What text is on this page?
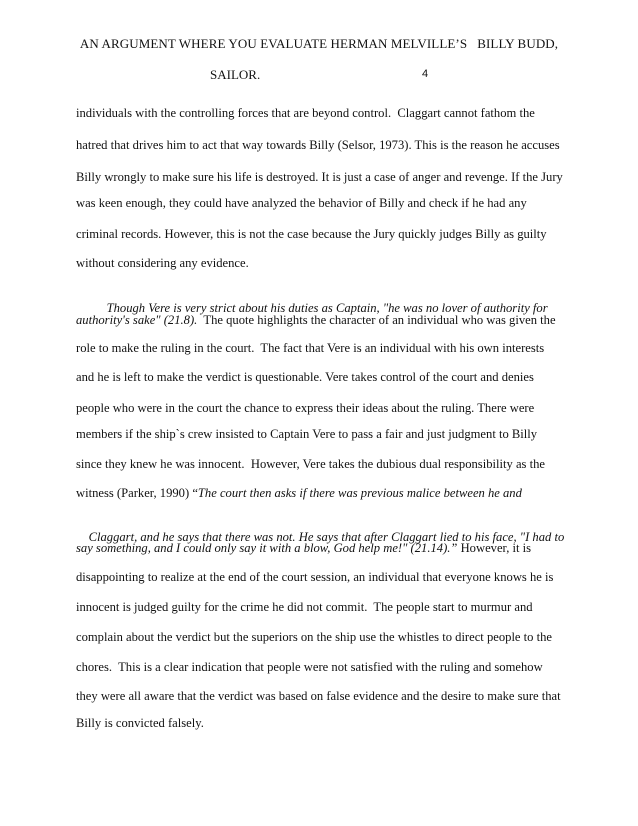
AN ARGUMENT WHERE YOU EVALUATE HERMAN MELVILLE’S   BILLY BUDD,
SAILOR.	4
individuals with the controlling forces that are beyond control.  Claggart cannot fathom the
hatred that drives him to act that way towards Billy (Selsor, 1973). This is the reason he accuses
Billy wrongly to make sure his life is destroyed. It is just a case of anger and revenge. If the Jury
was keen enough, they could have analyzed the behavior of Billy and check if he had any
criminal records. However, this is not the case because the Jury quickly judges Billy as guilty
without considering any evidence.

Though Vere is very strict about his duties as Captain, "he was no lover of authority for

authority's sake" (21.8).  The quote highlights the character of an individual who was given the
role to make the ruling in the court.  The fact that Vere is an individual with his own interests
and he is left to make the verdict is questionable. Vere takes control of the court and denies
people who were in the court the chance to express their ideas about the ruling. There were
members if the ship`s crew insisted to Captain Vere to pass a fair and just judgment to Billy
since they knew he was innocent.  However, Vere takes the dubious dual responsibility as the
witness (Parker, 1990) “The court then asks if there was previous malice between he and

Claggart, and he says that there was not. He says that after Claggart lied to his face, "I had to

say something, and I could only say it with a blow, God help me!" (21.14).” However, it is
disappointing to realize at the end of the court session, an individual that everyone knows he is
innocent is judged guilty for the crime he did not commit.  The people start to murmur and
complain about the verdict but the superiors on the ship use the whistles to direct people to the
chores.  This is a clear indication that people were not satisfied with the ruling and somehow
they were all aware that the verdict was based on false evidence and the desire to make sure that
Billy is convicted falsely.
